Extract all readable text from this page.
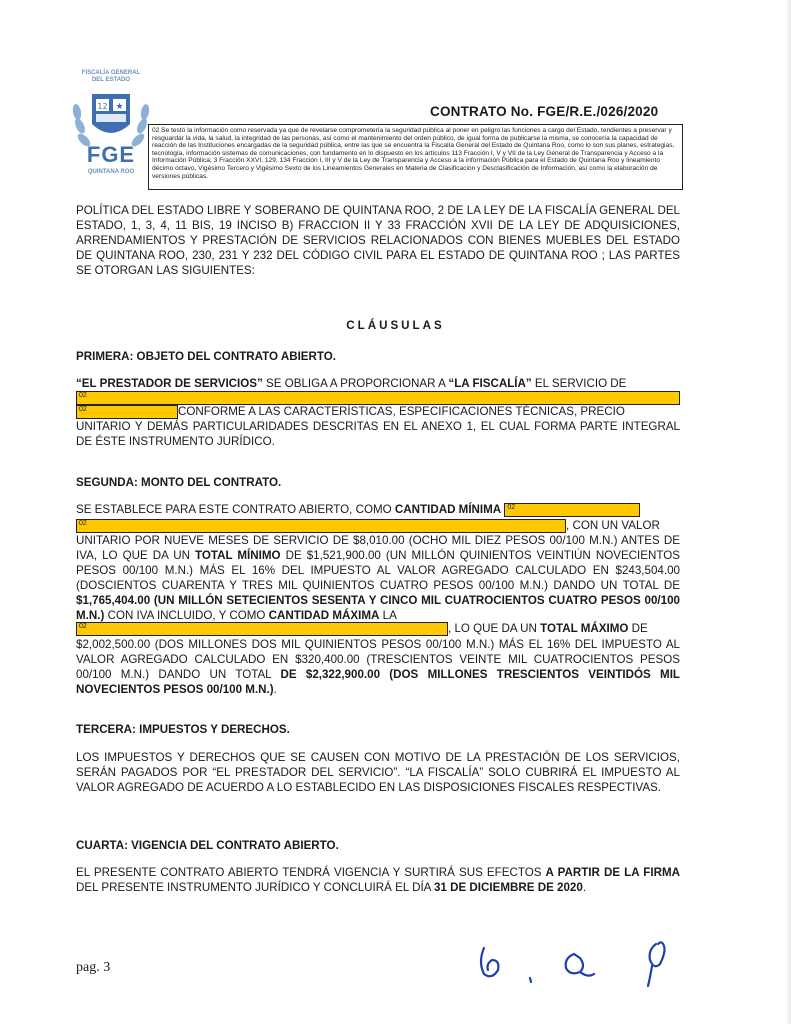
FISCALÍA GENERAL
DEL ESTADO
12 ★
FGE
QUINTANA ROO
CONTRATO No. FGE/R.E./026/2020
02 Se testó la información como reservada ya que de revelarse comprometería la seguridad pública al poner en peligro las funciones a cargo del Estado, tendientes a preservar y resguardar la vida, la salud, la integridad de las personas, así como el mantenimiento del orden público, de igual forma de publicarse la misma, se conocería la capacidad de reacción de las Instituciones encargadas de la seguridad pública, entre las que se encuentra la Fiscalía General del Estado de Quintana Roo, como lo son sus planes, estrategias, tecnología, información sistemas de comunicaciones, con fundamento en lo dispuesto en los artículos 113 Fracción I, V y VII de la Ley General de Transparencia y Acceso a la Información Pública; 3 Fracción XXVI, 129, 134 Fracción I, III y V de la Ley de Transparencia y Acceso a la información Pública para el Estado de Quintana Roo y lineamiento décimo octavo, Vigésimo Tercero y Vigésimo Sexto de los Lineamientos Generales en Materia de Clasificación y Desclasificación de Información, así como la elaboración de versiones públicas.
POLÍTICA DEL ESTADO LIBRE Y SOBERANO DE QUINTANA ROO, 2 DE LA LEY DE LA FISCALÍA GENERAL DEL ESTADO, 1, 3, 4, 11 BIS, 19 INCISO B) FRACCION II Y 33 FRACCIÓN XVII DE LA LEY DE ADQUISICIONES, ARRENDAMIENTOS Y PRESTACIÓN DE SERVICIOS RELACIONADOS CON BIENES MUEBLES DEL ESTADO DE QUINTANA ROO, 230, 231 Y 232 DEL CÓDIGO CIVIL PARA EL ESTADO DE QUINTANA ROO ; LAS PARTES SE OTORGAN LAS SIGUIENTES:
CLÁUSULAS
PRIMERA: OBJETO DEL CONTRATO ABIERTO.
“EL PRESTADOR DE SERVICIOS” SE OBLIGA A PROPORCIONAR A “LA FISCALÍA” EL SERVICIO DE
02
02	CONFORME A LAS CARACTERÍSTICAS, ESPECIFICACIONES TÉCNICAS, PRECIO
UNITARIO Y DEMÁS PARTICULARIDADES DESCRITAS EN EL ANEXO 1, EL CUAL FORMA PARTE INTEGRAL DE ÉSTE INSTRUMENTO JURÍDICO.
SEGUNDA: MONTO DEL CONTRATO.
SE ESTABLECE PARA ESTE CONTRATO ABIERTO, COMO CANTIDAD MÍNIMA 02
02	, CON UN VALOR
UNITARIO POR NUEVE MESES DE SERVICIO DE $8,010.00 (OCHO MIL DIEZ PESOS 00/100 M.N.) ANTES DE IVA, LO QUE DA UN TOTAL MÍNIMO DE $1,521,900.00 (UN MILLÓN QUINIENTOS VEINTIÚN NOVECIENTOS PESOS 00/100 M.N.) MÁS EL 16% DEL IMPUESTO AL VALOR AGREGADO CALCULADO EN $243,504.00 (DOSCIENTOS CUARENTA Y TRES MIL QUINIENTOS CUATRO PESOS 00/100 M.N.) DANDO UN TOTAL DE $1,765,404.00 (UN MILLÓN SETECIENTOS SESENTA Y CINCO MIL CUATROCIENTOS CUATRO PESOS 00/100 M.N.) CON IVA INCLUIDO, Y COMO CANTIDAD MÁXIMA LA
02	, LO QUE DA UN TOTAL MÁXIMO DE
$2,002,500.00 (DOS MILLONES DOS MIL QUINIENTOS PESOS 00/100 M.N.) MÁS EL 16% DEL IMPUESTO AL VALOR AGREGADO CALCULADO EN $320,400.00 (TRESCIENTOS VEINTE MIL CUATROCIENTOS PESOS 00/100 M.N.) DANDO UN TOTAL DE $2,322,900.00 (DOS MILLONES TRESCIENTOS VEINTIDÓS MIL NOVECIENTOS PESOS 00/100 M.N.).
TERCERA: IMPUESTOS Y DERECHOS.
LOS IMPUESTOS Y DERECHOS QUE SE CAUSEN CON MOTIVO DE LA PRESTACIÓN DE LOS SERVICIOS, SERÁN PAGADOS POR “EL PRESTADOR DEL SERVICIO”. “LA FISCALÍA” SOLO CUBRIRÁ EL IMPUESTO AL VALOR AGREGADO DE ACUERDO A LO ESTABLECIDO EN LAS DISPOSICIONES FISCALES RESPECTIVAS.
CUARTA: VIGENCIA DEL CONTRATO ABIERTO.
EL PRESENTE CONTRATO ABIERTO TENDRÁ VIGENCIA Y SURTIRÁ SUS EFECTOS A PARTIR DE LA FIRMA DEL PRESENTE INSTRUMENTO JURÍDICO Y CONCLUIRÁ EL DÍA 31 DE DICIEMBRE DE 2020.
pag. 3
